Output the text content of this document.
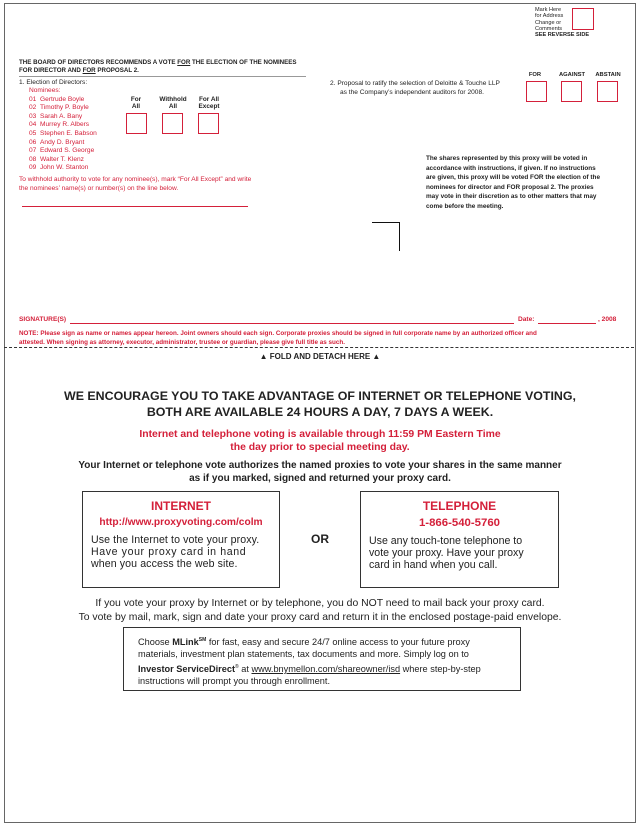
Mark Here
for Address
Change or
Comments
SEE REVERSE SIDE
THE BOARD OF DIRECTORS RECOMMENDS A VOTE FOR THE ELECTION OF THE NOMINEES
FOR DIRECTOR AND FOR PROPOSAL 2.
1. Election of Directors:
Nominees:
01 Gertrude Boyle
02 Timothy P. Boyle
03 Sarah A. Bany
04 Murrey R. Albers
05 Stephen E. Babson
06 Andy D. Bryant
07 Edward S. George
08 Walter T. Klenz
09 John W. Stanton
For
All
Withhold
All
For All
Except
To withhold authority to vote for any nominee(s), mark “For All Except” and write
the nominees’ name(s) or number(s) on the line below.
2. Proposal to ratify the selection of Deloitte & Touche LLP
as the Company’s independent auditors for 2008.
FOR	AGAINST	ABSTAIN
The shares represented by this proxy will be voted in
accordance with instructions, if given. If no instructions
are given, this proxy will be voted FOR the election of the
nominees for director and FOR proposal 2. The proxies
may vote in their discretion as to other matters that may
come before the meeting.
SIGNATURE(S)	Date:	, 2008
NOTE: Please sign as name or names appear hereon. Joint owners should each sign. Corporate proxies should be signed in full corporate name by an authorized officer and
attested. When signing as attorney, executor, administrator, trustee or guardian, please give full title as such.
▲ FOLD AND DETACH HERE ▲
WE ENCOURAGE YOU TO TAKE ADVANTAGE OF INTERNET OR TELEPHONE VOTING,
BOTH ARE AVAILABLE 24 HOURS A DAY, 7 DAYS A WEEK.
Internet and telephone voting is available through 11:59 PM Eastern Time
the day prior to special meeting day.
Your Internet or telephone vote authorizes the named proxies to vote your shares in the same manner
as if you marked, signed and returned your proxy card.
INTERNET
http://www.proxyvoting.com/colm
Use the Internet to vote your proxy.
Have your proxy card in hand
when you access the web site.
OR
TELEPHONE
1-866-540-5760
Use any touch-tone telephone to
vote your proxy. Have your proxy
card in hand when you call.
If you vote your proxy by Internet or by telephone, you do NOT need to mail back your proxy card.
To vote by mail, mark, sign and date your proxy card and return it in the enclosed postage-paid envelope.
Choose MLink℠ for fast, easy and secure 24/7 online access to your future proxy
materials, investment plan statements, tax documents and more. Simply log on to
Investor ServiceDirect® at www.bnymellon.com/shareowner/isd where step-by-step
instructions will prompt you through enrollment.
